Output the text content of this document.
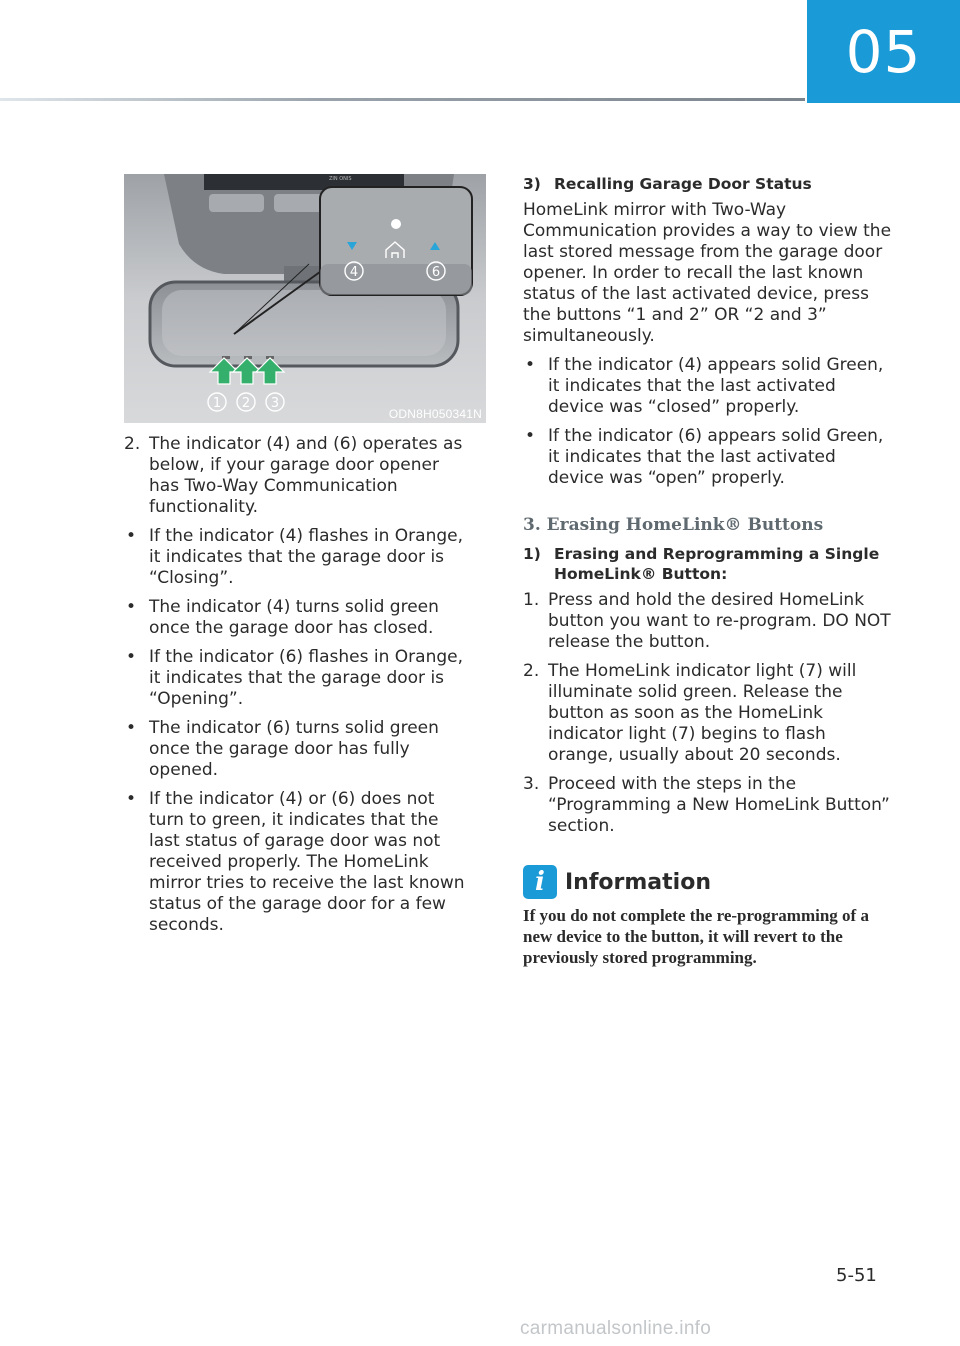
05
ZIN ONIS
4	6
1 2 3
ODN8H050341N
2. The indicator (4) and (6) operates as below, if your garage door opener has Two-Way Communication functionality.
• If the indicator (4) flashes in Orange, it indicates that the garage door is “Closing”.
• The indicator (4) turns solid green once the garage door has closed.
• If the indicator (6) flashes in Orange, it indicates that the garage door is “Opening”.
• The indicator (6) turns solid green once the garage door has fully opened.
• If the indicator (4) or (6) does not turn to green, it indicates that the last status of garage door was not received properly. The HomeLink mirror tries to receive the last known status of the garage door for a few seconds.
3) Recalling Garage Door Status

HomeLink mirror with Two-Way Communication provides a way to view the last stored message from the garage door opener. In order to recall the last known status of the last activated device, press the buttons “1 and 2” OR “2 and 3” simultaneously.

• If the indicator (4) appears solid Green, it indicates that the last activated device was “closed” properly.
• If the indicator (6) appears solid Green, it indicates that the last activated device was “open” properly.
3. Erasing HomeLink® Buttons
1) Erasing and Reprogramming a Single HomeLink® Button:
1. Press and hold the desired HomeLink button you want to re-program. DO NOT release the button.
2. The HomeLink indicator light (7) will illuminate solid green. Release the button as soon as the HomeLink indicator light (7) begins to flash orange, usually about 20 seconds.
3. Proceed with the steps in the “Programming a New HomeLink Button” section.
i Information
If you do not complete the re-programming of a new device to the button, it will revert to the previously stored programming.
5-51
carmanualsonline.info
